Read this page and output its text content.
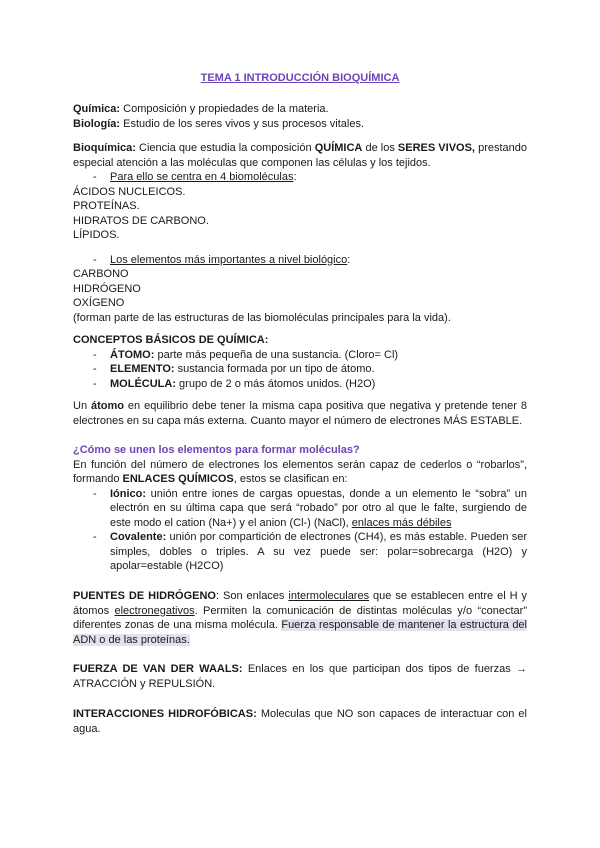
TEMA 1 INTRODUCCIÓN BIOQUÍMICA

Química: Composición y propiedades de la materia.

Biología: Estudio de los seres vivos y sus procesos vitales.

Bioquímica: Ciencia que estudia la composición QUÍMICA de los SERES VIVOS, prestando especial atención a las moléculas que componen las células y los tejidos.

- Para ello se centra en 4 biomoléculas:

ÁCIDOS NUCLEICOS.

PROTEÍNAS.

HIDRATOS DE CARBONO.

LÍPIDOS.

- Los elementos más importantes a nivel biológico:

CARBONO

HIDRÓGENO

OXÍGENO

(forman parte de las estructuras de las biomoléculas principales para la vida).

CONCEPTOS BÁSICOS DE QUÍMICA:

- ÁTOMO: parte más pequeña de una sustancia. (Cloro= Cl)

- ELEMENTO: sustancia formada por un tipo de átomo.

- MOLÉCULA: grupo de 2 o más átomos unidos. (H2O)

Un átomo en equilibrio debe tener la misma capa positiva que negativa y pretende tener 8 electrones en su capa más externa. Cuanto mayor el número de electrones MÁS ESTABLE.

¿Cómo se unen los elementos para formar moléculas?

En función del número de electrones los elementos serán capaz de cederlos o “robarlos”, formando ENLACES QUÍMICOS, estos se clasifican en:

- Iónico: unión entre iones de cargas opuestas, donde a un elemento le “sobra” un electrón en su última capa que será “robado” por otro al que le falte, surgiendo de este modo el cation (Na+) y el anion (Cl-) (NaCl), enlaces más débiles

- Covalente: unión por compartición de electrones (CH4), es más estable. Pueden ser simples, dobles o triples. A su vez puede ser: polar=sobrecarga (H2O) y apolar=estable (H2CO)

PUENTES DE HIDRÓGENO: Son enlaces intermoleculares que se establecen entre el H y átomos electronegativos. Permiten la comunicación de distintas moléculas y/o “conectar” diferentes zonas de una misma molécula. Fuerza responsable de mantener la estructura del ADN o de las proteínas.

FUERZA DE VAN DER WAALS: Enlaces en los que participan dos tipos de fuerzas → ATRACCIÓN y REPULSIÓN.

INTERACCIONES HIDROFÓBICAS: Moleculas que NO son capaces de interactuar con el agua.
